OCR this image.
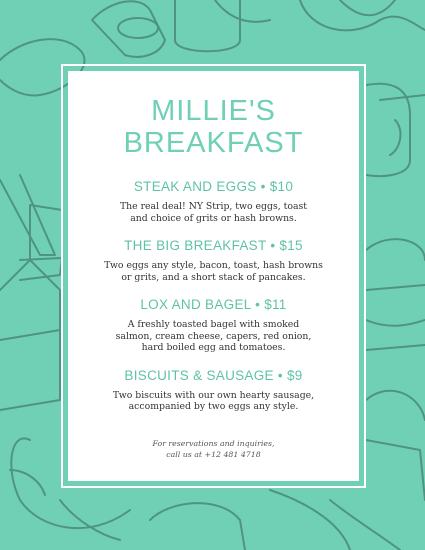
MILLIE'S
BREAKFAST
STEAK AND EGGS • $10
The real deal! NY Strip, two eggs, toast
and choice of grits or hash browns.
THE BIG BREAKFAST • $15
Two eggs any style, bacon, toast, hash browns
or grits, and a short stack of pancakes.
LOX AND BAGEL • $11
A freshly toasted bagel with smoked
salmon, cream cheese, capers, red onion,
hard boiled egg and tomatoes.
BISCUITS & SAUSAGE • $9
Two biscuits with our own hearty sausage,
accompanied by two eggs any style.
For reservations and inquiries,
call us at +12 481 4718
